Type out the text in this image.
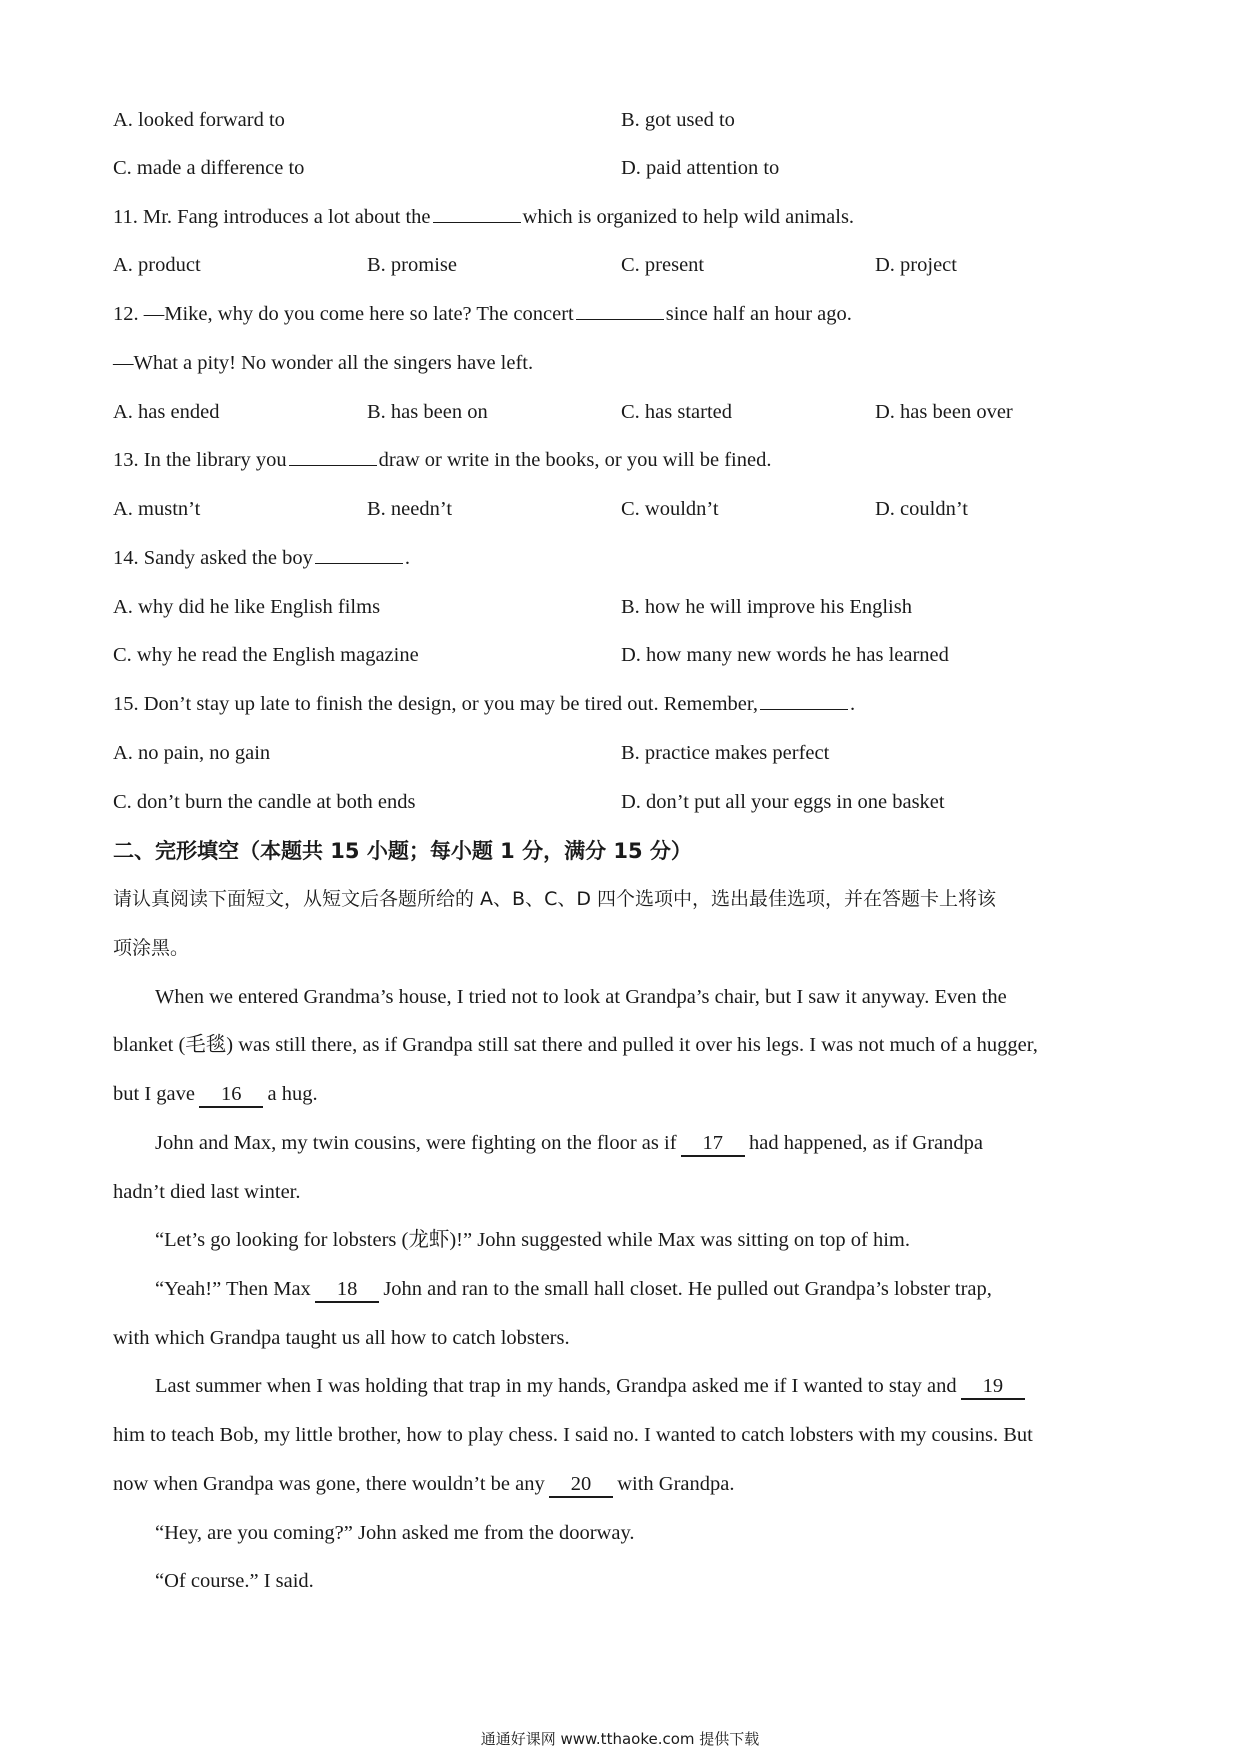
A. looked forward to	B. got used to
C. made a difference to	D. paid attention to
11. Mr. Fang introduces a lot about the	which is organized to help wild animals.
A. product	B. promise	C. present	D. project
12. —Mike, why do you come here so late? The concert	since half an hour ago.
—What a pity! No wonder all the singers have left.
A. has ended	B. has been on	C. has started	D. has been over
13. In the library you	draw or write in the books, or you will be fined.
A. mustn’t	B. needn’t	C. wouldn’t	D. couldn’t
14. Sandy asked the boy	.
A. why did he like English films	B. how he will improve his English
C. why he read the English magazine	D. how many new words he has learned
15. Don’t stay up late to finish the design, or you may be tired out. Remember,	.
A. no pain, no gain	B. practice makes perfect
C. don’t burn the candle at both ends	D. don’t put all your eggs in one basket
二、完形填空（本题共 15 小题；每小题 1 分，满分 15 分）
请认真阅读下面短文，从短文后各题所给的 A、B、C、D 四个选项中，选出最佳选项，并在答题卡上将该
项涂黑。
When we entered Grandma’s house, I tried not to look at Grandpa’s chair, but I saw it anyway. Even the
blanket (毛毯) was still there, as if Grandpa still sat there and pulled it over his legs. I was not much of a hugger,
but I gave 16 a hug.
John and Max, my twin cousins, were fighting on the floor as if 17 had happened, as if Grandpa
hadn’t died last winter.
“Let’s go looking for lobsters (龙虾)!” John suggested while Max was sitting on top of him.
“Yeah!” Then Max 18 John and ran to the small hall closet. He pulled out Grandpa’s lobster trap,
with which Grandpa taught us all how to catch lobsters.
Last summer when I was holding that trap in my hands, Grandpa asked me if I wanted to stay and 19
him to teach Bob, my little brother, how to play chess. I said no. I wanted to catch lobsters with my cousins. But
now when Grandpa was gone, there wouldn’t be any 20 with Grandpa.
“Hey, are you coming?” John asked me from the doorway.
“Of course.” I said.
通通好课网 www.tthaoke.com 提供下载
